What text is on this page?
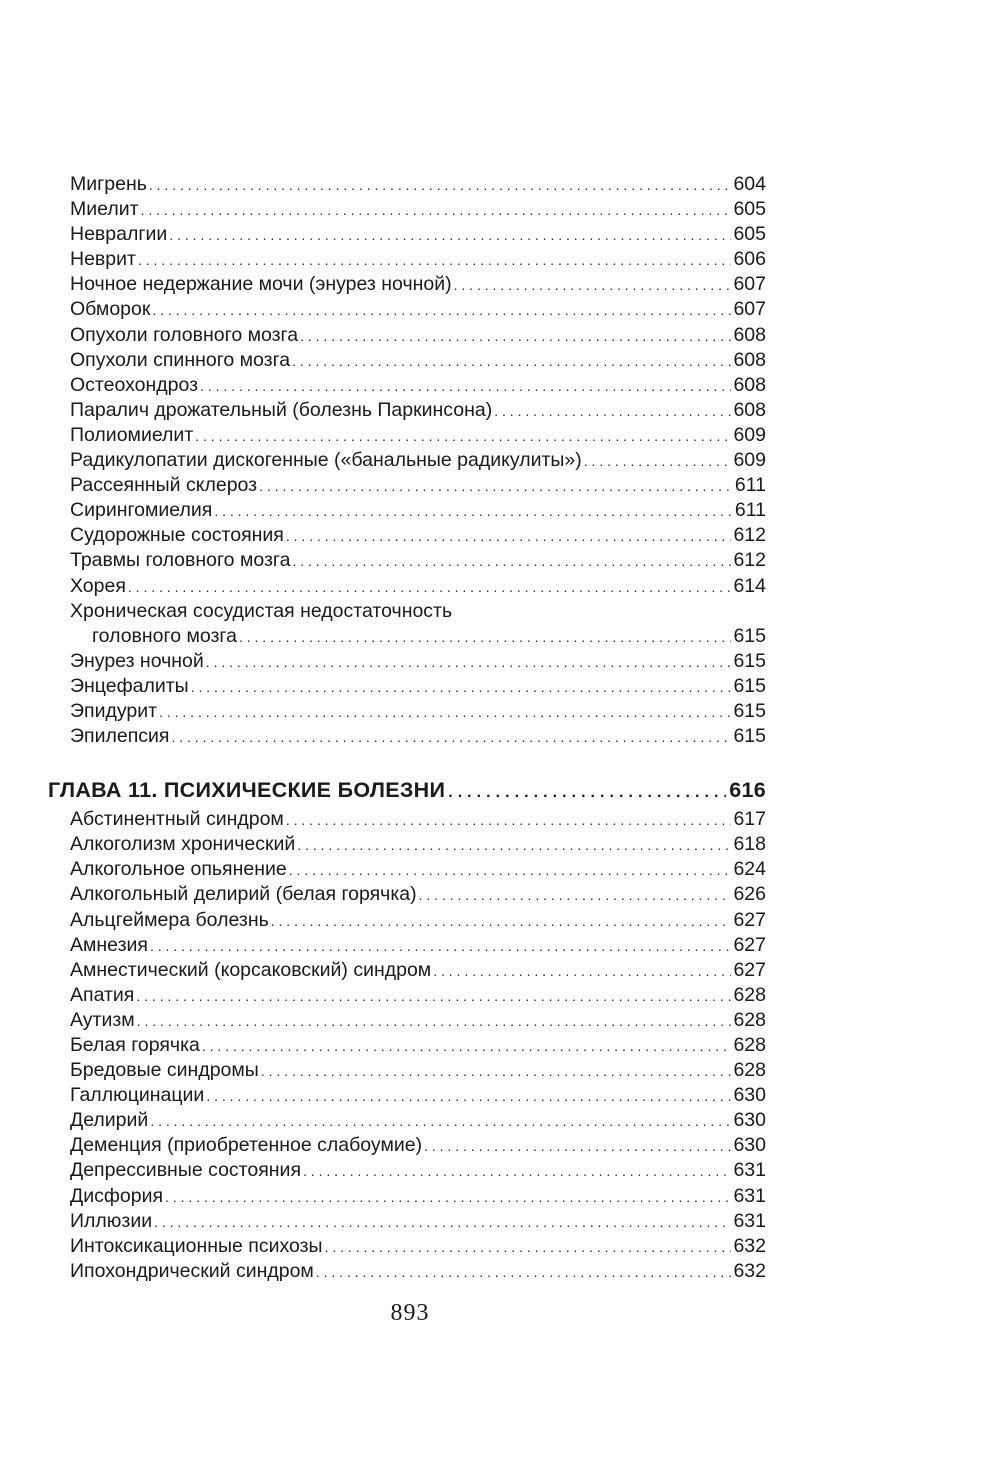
Мигрень . . .	604
Миелит . . .	605
Невралгии . . .	605
Неврит . . .	606
Ночное недержание мочи (энурез ночной) . . .	607
Обморок . . .	607
Опухоли головного мозга . . .	608
Опухоли спинного мозга . . .	608
Остеохондроз . . .	608
Паралич дрожательный (болезнь Паркинсона) . . .	608
Полиомиелит . . .	609
Радикулопатии дискогенные («банальные радикулиты») . . .	609
Рассеянный склероз . . .	611
Сирингомиелия . . .	611
Судорожные состояния . . .	612
Травмы головного мозга . . .	612
Хорея . . .	614
Хроническая сосудистая недостаточность
головного мозга . . .	615
Энурез ночной . . .	615
Энцефалиты . . .	615
Эпидурит . . .	615
Эпилепсия . . .	615
ГЛАВА 11. ПСИХИЧЕСКИЕ БОЛЕЗНИ . . .	616
Абстинентный синдром . . .	617
Алкоголизм хронический . . .	618
Алкогольное опьянение . . .	624
Алкогольный делирий (белая горячка) . . .	626
Альцгеймера болезнь . . .	627
Амнезия . . .	627
Амнестический (корсаковский) синдром . . .	627
Апатия . . .	628
Аутизм . . .	628
Белая горячка . . .	628
Бредовые синдромы . . .	628
Галлюцинации . . .	630
Делирий . . .	630
Деменция (приобретенное слабоумие) . . .	630
Депрессивные состояния . . .	631
Дисфория . . .	631
Иллюзии . . .	631
Интоксикационные психозы . . .	632
Ипохондрический синдром . . .	632
893
